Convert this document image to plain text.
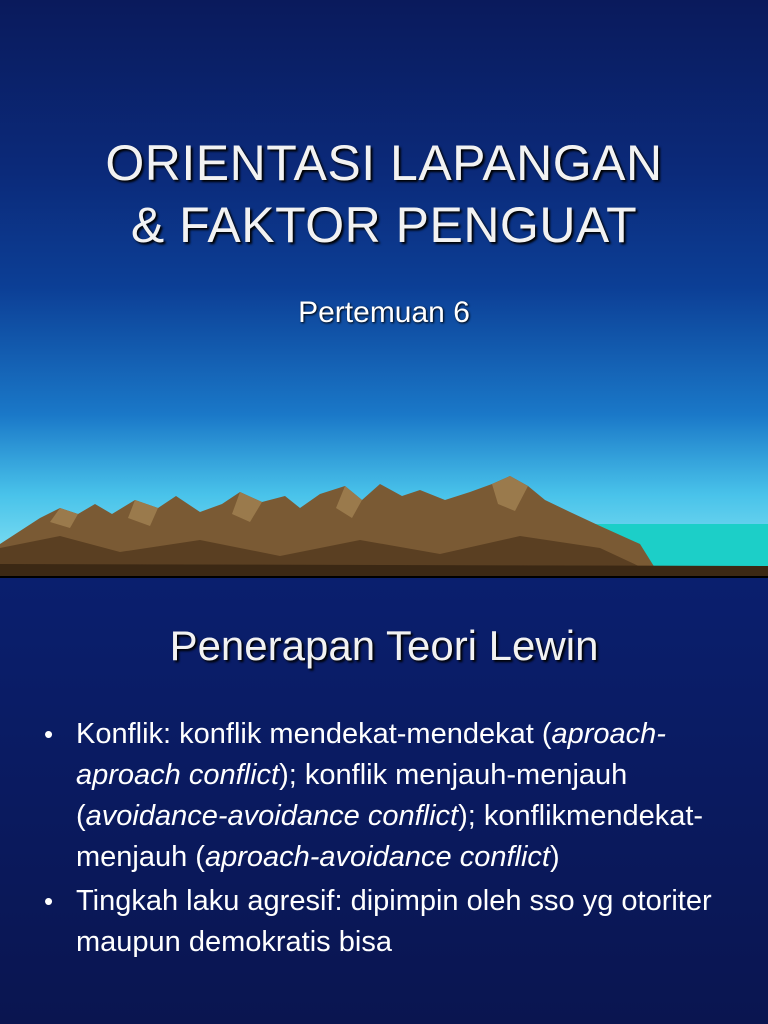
ORIENTASI LAPANGAN
& FAKTOR PENGUAT
Pertemuan 6
Penerapan Teori Lewin
• Konflik: konflik mendekat-mendekat (aproach-aproach conflict); konflik menjauh-menjauh (avoidance-avoidance conflict); konflikmendekat-menjauh (aproach-avoidance conflict)
• Tingkah laku agresif: dipimpin oleh sso yg otoriter maupun demokratis bisa
